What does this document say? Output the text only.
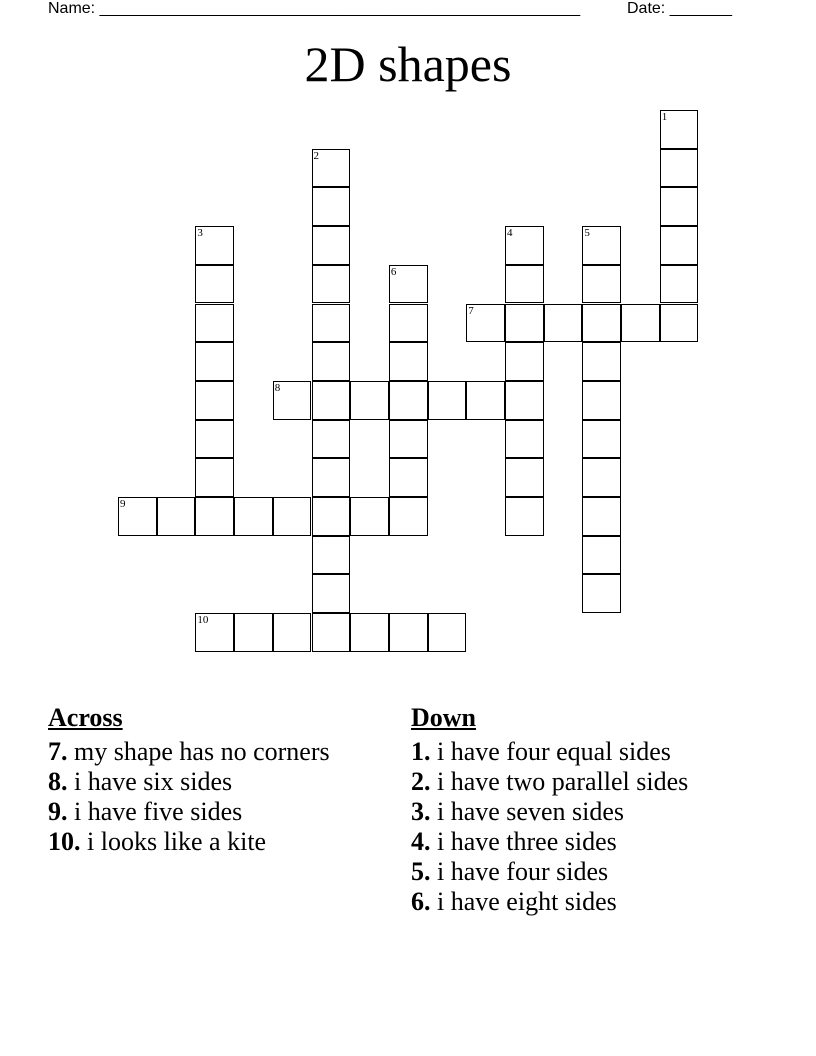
Name: ______________________________________________________	Date: _______
2D shapes
1
2
3	4	5
6
7
8
9
10
Across
7. my shape has no corners
8. i have six sides
9. i have five sides
10. i looks like a kite
Down
1. i have four equal sides
2. i have two parallel sides
3. i have seven sides
4. i have three sides
5. i have four sides
6. i have eight sides
